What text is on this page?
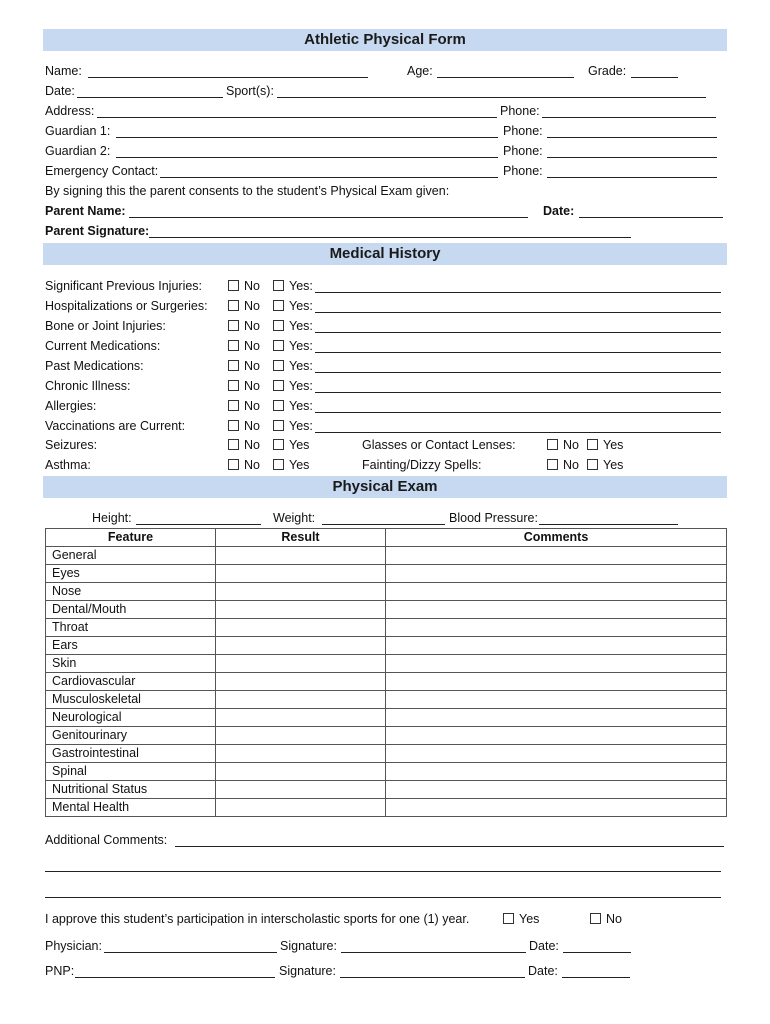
Athletic Physical Form
Name:	Age:	Grade:
Date:	Sport(s):
Address:	Phone:
Guardian 1:	Phone:
Guardian 2:	Phone:
Emergency Contact:	Phone:
By signing this the parent consents to the student’s Physical Exam given:
Parent Name:	Date:
Parent Signature:
Medical History
Significant Previous Injuries:	No	Yes:
Hospitalizations or Surgeries:	No	Yes:
Bone or Joint Injuries:	No	Yes:
Current Medications:	No	Yes:
Past Medications:	No	Yes:
Chronic Illness:	No	Yes:
Allergies:	No	Yes:
Vaccinations are Current:	No	Yes:
Seizures:	No	Yes	Glasses or Contact Lenses:	No	Yes
Asthma:	No	Yes	Fainting/Dizzy Spells:	No	Yes
Physical Exam
Height:	Weight:	Blood Pressure:
Feature	Result	Comments
General		
Eyes		
Nose		
Dental/Mouth		
Throat		
Ears		
Skin		
Cardiovascular		
Musculoskeletal		
Neurological		
Genitourinary		
Gastrointestinal		
Spinal		
Nutritional Status		
Mental Health		
Additional Comments:
I approve this student’s participation in interscholastic sports for one (1) year.	Yes	No
Physician:	Signature:	Date:
PNP:	Signature:	Date:
